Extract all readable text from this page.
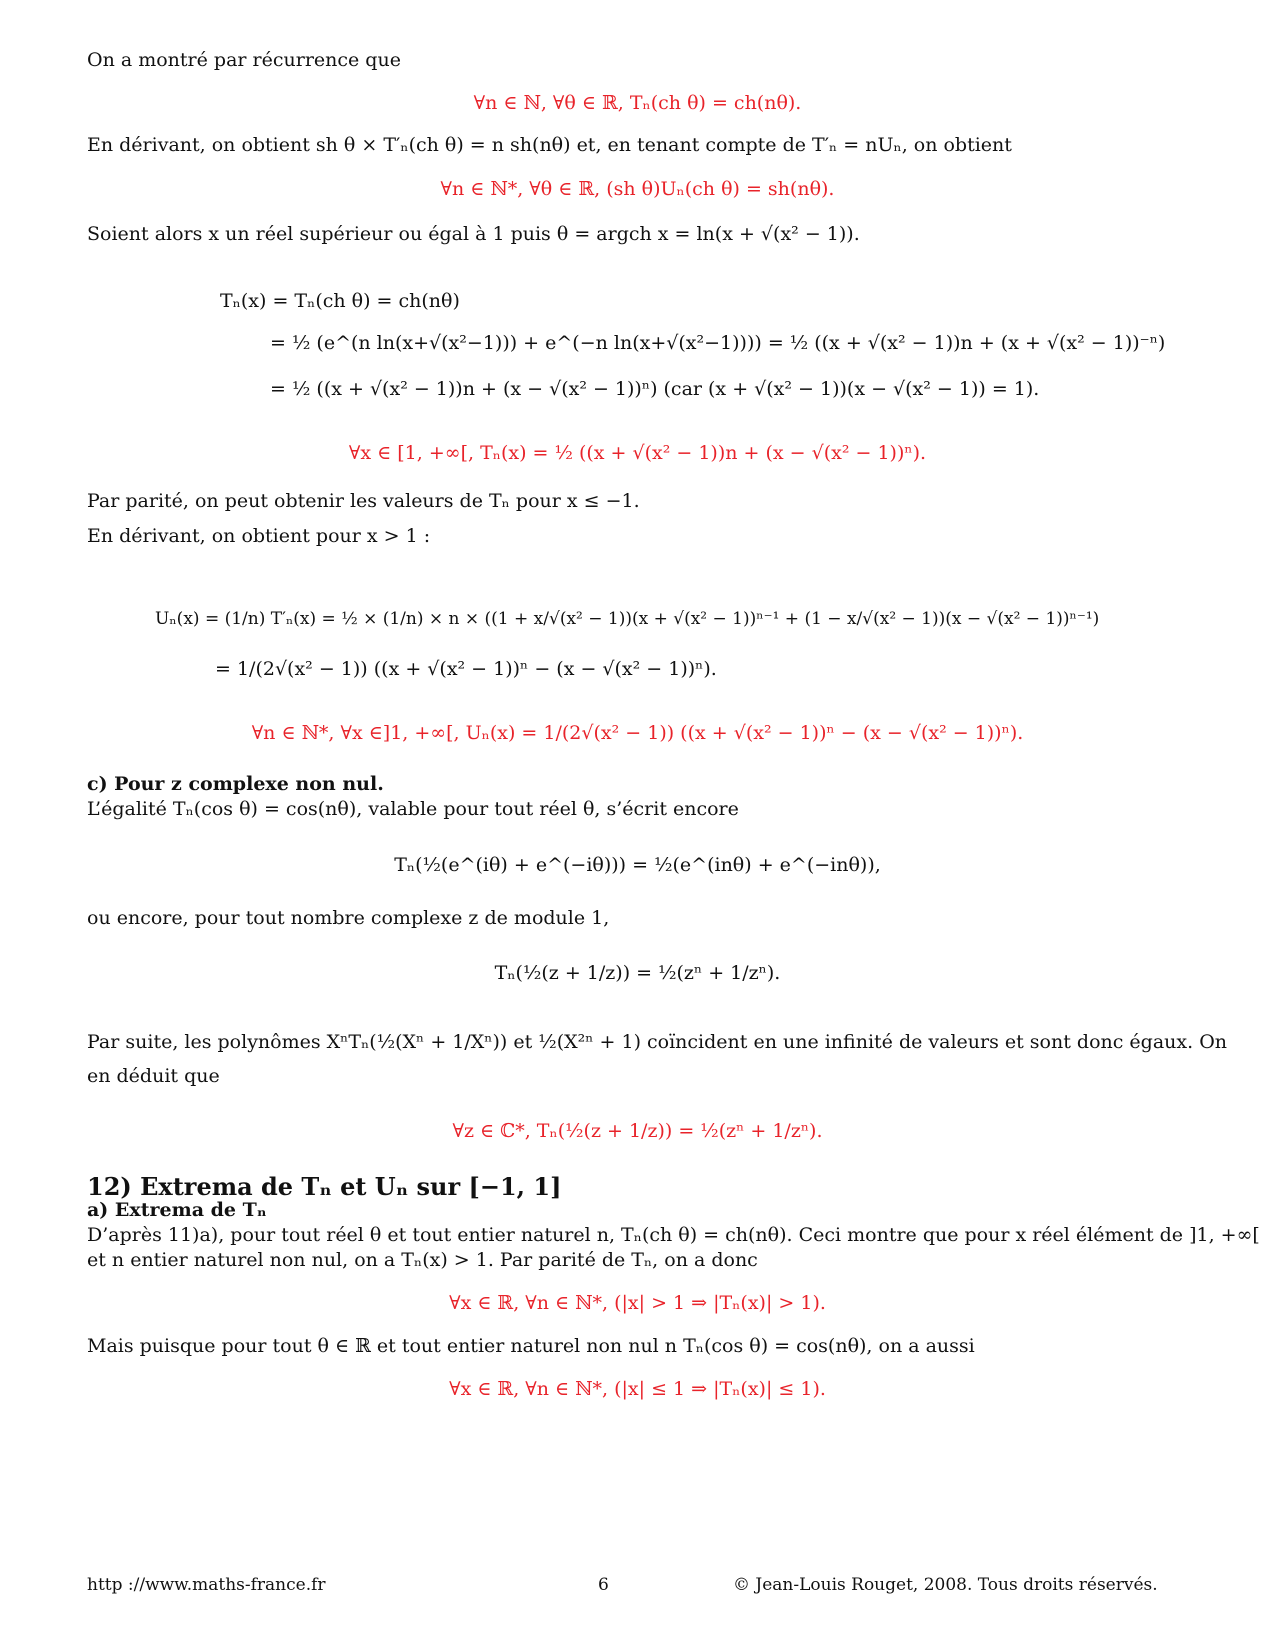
On a montré par récurrence que
∀n ∈ ℕ, ∀θ ∈ ℝ, Tₙ(ch θ) = ch(nθ).
En dérivant, on obtient sh θ × T′ₙ(ch θ) = n sh(nθ) et, en tenant compte de T′ₙ = nUₙ, on obtient
∀n ∈ ℕ*, ∀θ ∈ ℝ, (sh θ)Uₙ(ch θ) = sh(nθ).
Soient alors x un réel supérieur ou égal à 1 puis θ = argch x = ln(x + √(x² − 1)).
Tₙ(x) = Tₙ(ch θ) = ch(nθ)
= ½ (e^(n ln(x+√(x²−1))) + e^(−n ln(x+√(x²−1)))) = ½ ((x + √(x² − 1))n + (x + √(x² − 1))⁻ⁿ)
= ½ ((x + √(x² − 1))n + (x − √(x² − 1))ⁿ) (car (x + √(x² − 1))(x − √(x² − 1)) = 1).
∀x ∈ [1, +∞[, Tₙ(x) = ½ ((x + √(x² − 1))n + (x − √(x² − 1))ⁿ).
Par parité, on peut obtenir les valeurs de Tₙ pour x ≤ −1.
En dérivant, on obtient pour x > 1 :
Uₙ(x) = (1/n) T′ₙ(x) = ½ × (1/n) × n × ((1 + x/√(x² − 1))(x + √(x² − 1))ⁿ⁻¹ + (1 − x/√(x² − 1))(x − √(x² − 1))ⁿ⁻¹)
= 1/(2√(x² − 1)) ((x + √(x² − 1))ⁿ − (x − √(x² − 1))ⁿ).
∀n ∈ ℕ*, ∀x ∈]1, +∞[, Uₙ(x) = 1/(2√(x² − 1)) ((x + √(x² − 1))ⁿ − (x − √(x² − 1))ⁿ).
c) Pour z complexe non nul.
L’égalité Tₙ(cos θ) = cos(nθ), valable pour tout réel θ, s’écrit encore
Tₙ(½(e^(iθ) + e^(−iθ))) = ½(e^(inθ) + e^(−inθ)),
ou encore, pour tout nombre complexe z de module 1,
Tₙ(½(z + 1/z)) = ½(zⁿ + 1/zⁿ).
Par suite, les polynômes XⁿTₙ(½(Xⁿ + 1/Xⁿ)) et ½(X²ⁿ + 1) coïncident en une infinité de valeurs et sont donc égaux. On
en déduit que
∀z ∈ ℂ*, Tₙ(½(z + 1/z)) = ½(zⁿ + 1/zⁿ).
12) Extrema de Tₙ et Uₙ sur [−1, 1]
a) Extrema de Tₙ
D’après 11)a), pour tout réel θ et tout entier naturel n, Tₙ(ch θ) = ch(nθ). Ceci montre que pour x réel élément de ]1, +∞[
et n entier naturel non nul, on a Tₙ(x) > 1. Par parité de Tₙ, on a donc
∀x ∈ ℝ, ∀n ∈ ℕ*, (|x| > 1 ⇒ |Tₙ(x)| > 1).
Mais puisque pour tout θ ∈ ℝ et tout entier naturel non nul n Tₙ(cos θ) = cos(nθ), on a aussi
∀x ∈ ℝ, ∀n ∈ ℕ*, (|x| ≤ 1 ⇒ |Tₙ(x)| ≤ 1).
http ://www.maths-france.fr	6	© Jean-Louis Rouget, 2008. Tous droits réservés.
